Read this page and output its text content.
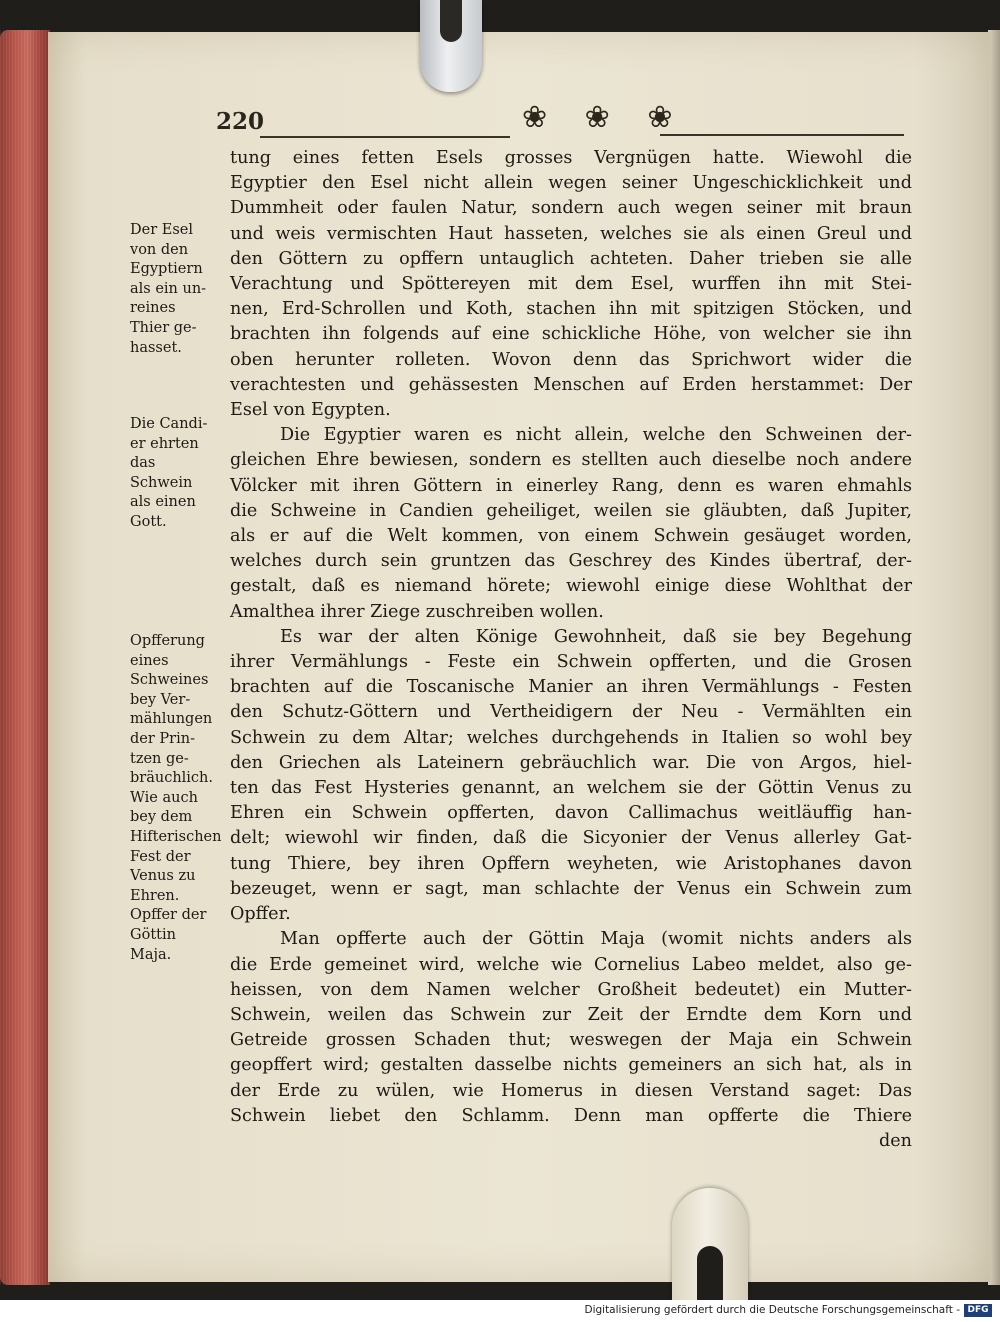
220	❀ ❀ ❀
Der Esel
von den
Egyptiern
als ein un-
reines
Thier ge-
hasset.
Die Candi-
er ehrten
das
Schwein
als einen
Gott.
Opfferung
eines
Schweines
bey Ver-
mählungen
der Prin-
tzen ge-
bräuchlich.
Wie auch
bey dem
Hifterischen
Fest der
Venus zu
Ehren.
Opffer der
Göttin
Maja.

tung eines fetten Esels grosses Vergnügen hatte. Wiewohl die
Egyptier den Esel nicht allein wegen seiner Ungeschicklichkeit und
Dummheit oder faulen Natur, sondern auch wegen seiner mit braun
und weis vermischten Haut hasseten, welches sie als einen Greul und
den Göttern zu opffern untauglich achteten. Daher trieben sie alle
Verachtung und Spöttereyen mit dem Esel, wurffen ihn mit Stei-
nen, Erd-Schrollen und Koth, stachen ihn mit spitzigen Stöcken, und
brachten ihn folgends auf eine schickliche Höhe, von welcher sie ihn
oben herunter rolleten. Wovon denn das Sprichwort wider die
verachtesten und gehässesten Menschen auf Erden herstammet: Der
Esel von Egypten.

Die Egyptier waren es nicht allein, welche den Schweinen der-
gleichen Ehre bewiesen, sondern es stellten auch dieselbe noch andere
Völcker mit ihren Göttern in einerley Rang, denn es waren ehmahls
die Schweine in Candien geheiliget, weilen sie gläubten, daß Jupiter,
als er auf die Welt kommen, von einem Schwein gesäuget worden,
welches durch sein gruntzen das Geschrey des Kindes übertraf, der-
gestalt, daß es niemand hörete; wiewohl einige diese Wohlthat der
Amalthea ihrer Ziege zuschreiben wollen.

Es war der alten Könige Gewohnheit, daß sie bey Begehung
ihrer Vermählungs - Feste ein Schwein opfferten, und die Grosen
brachten auf die Toscanische Manier an ihren Vermählungs - Festen
den Schutz-Göttern und Vertheidigern der Neu - Vermählten ein
Schwein zu dem Altar; welches durchgehends in Italien so wohl bey
den Griechen als Lateinern gebräuchlich war. Die von Argos, hiel-
ten das Fest Hysteries genannt, an welchem sie der Göttin Venus zu
Ehren ein Schwein opfferten, davon Callimachus weitläuffig han-
delt; wiewohl wir finden, daß die Sicyonier der Venus allerley Gat-
tung Thiere, bey ihren Opffern weyheten, wie Aristophanes davon
bezeuget, wenn er sagt, man schlachte der Venus ein Schwein zum
Opffer.

Man opfferte auch der Göttin Maja (womit nichts anders als
die Erde gemeinet wird, welche wie Cornelius Labeo meldet, also ge-
heissen, von dem Namen welcher Großheit bedeutet) ein Mutter-
Schwein, weilen das Schwein zur Zeit der Erndte dem Korn und
Getreide grossen Schaden thut; weswegen der Maja ein Schwein
geopffert wird; gestalten dasselbe nichts gemeiners an sich hat, als in
der Erde zu wülen, wie Homerus in diesen Verstand saget: Das
Schwein liebet den Schlamm. Denn man opfferte die Thiere
den

Digitalisierung gefördert durch die Deutsche Forschungsgemeinschaft - DFG
